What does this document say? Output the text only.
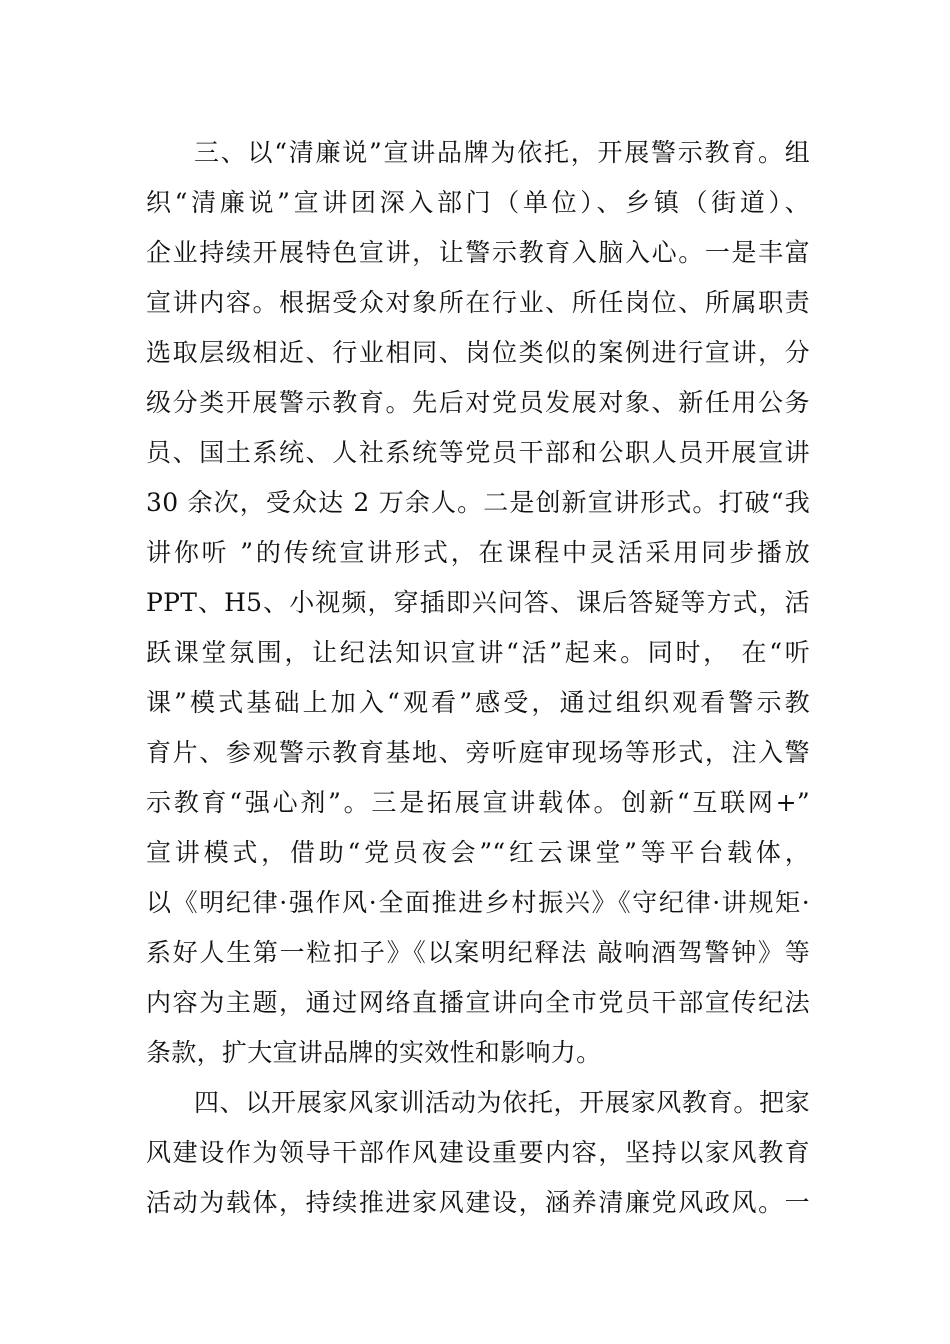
三、以“清廉说”宣讲品牌为依托，开展警示教育。组
织“清廉说”宣讲团深入部门（单位）、乡镇（街道）、
企业持续开展特色宣讲，让警示教育入脑入心。一是丰富
宣讲内容。根据受众对象所在行业、所任岗位、所属职责
选取层级相近、行业相同、岗位类似的案例进行宣讲，分
级分类开展警示教育。先后对党员发展对象、新任用公务
员、国土系统、人社系统等党员干部和公职人员开展宣讲
30 余次，受众达 2 万余人。二是创新宣讲形式。打破“我
讲你听 ”的传统宣讲形式，在课程中灵活采用同步播放
PPT、H5、小视频，穿插即兴问答、课后答疑等方式，活
跃课堂氛围，让纪法知识宣讲“活”起来。同时， 在“听
课”模式基础上加入“观看”感受，通过组织观看警示教
育片、参观警示教育基地、旁听庭审现场等形式，注入警
示教育“强心剂”。三是拓展宣讲载体。创新“互联网+”
宣讲模式，借助“党员夜会”“红云课堂”等平台载体，
以《明纪律·强作风·全面推进乡村振兴》《守纪律·讲规矩·
系好人生第一粒扣子》《以案明纪释法 敲响酒驾警钟》等
内容为主题，通过网络直播宣讲向全市党员干部宣传纪法
条款，扩大宣讲品牌的实效性和影响力。
四、以开展家风家训活动为依托，开展家风教育。把家
风建设作为领导干部作风建设重要内容，坚持以家风教育
活动为载体，持续推进家风建设，涵养清廉党风政风。一
